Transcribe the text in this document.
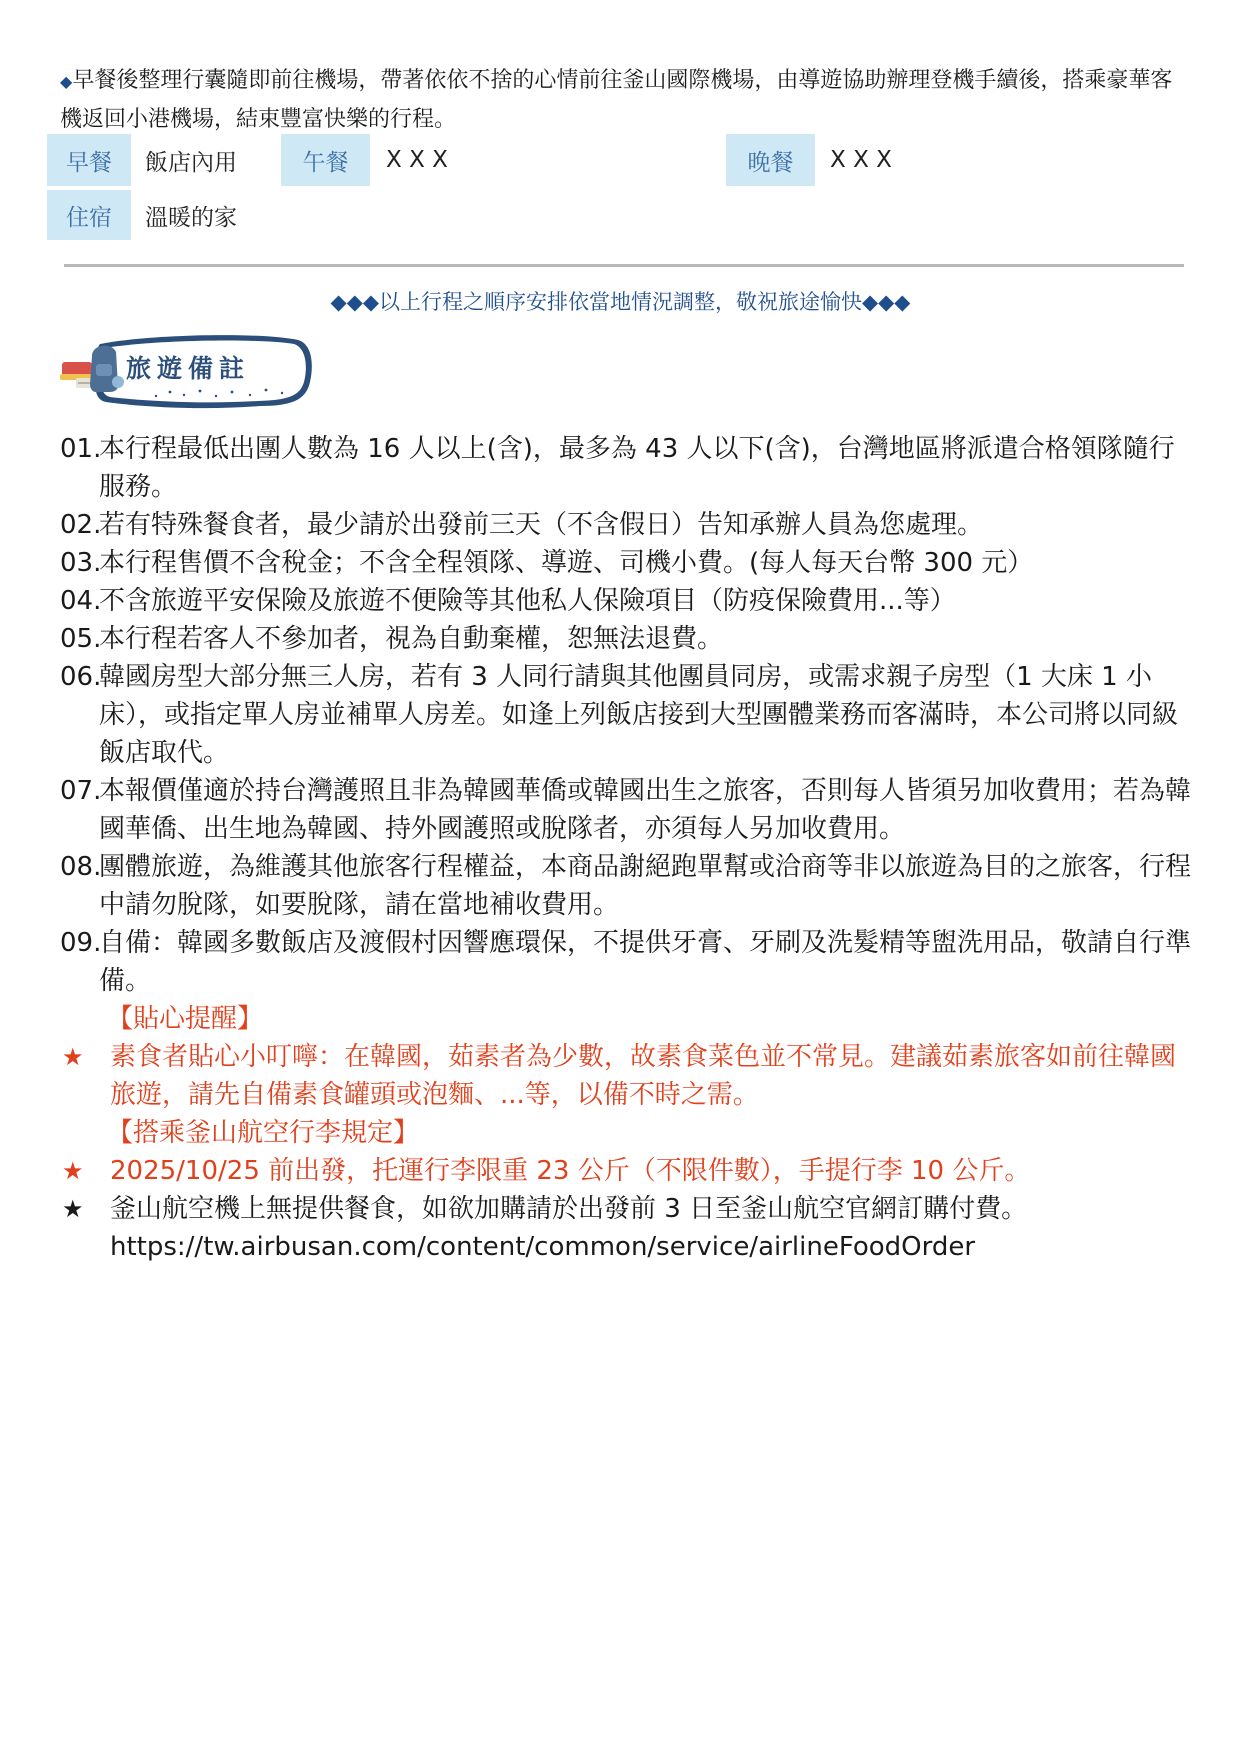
◆早餐後整理行囊隨即前往機場，帶著依依不捨的心情前往釜山國際機場，由導遊協助辦理登機手續後，搭乘豪華客機返回小港機場，結束豐富快樂的行程。
早餐	飯店內用	午餐	X X X	晚餐	X X X
住宿	溫暖的家
◆◆◆以上行程之順序安排依當地情況調整，敬祝旅途愉快◆◆◆
旅遊備註
01.
本行程最低出團人數為 16 人以上(含)，最多為 43 人以下(含)，台灣地區將派遣合格領隊隨行服務。
02.
若有特殊餐食者，最少請於出發前三天（不含假日）告知承辦人員為您處理。
03.
本行程售價不含稅金；不含全程領隊、導遊、司機小費。(每人每天台幣 300 元）
04.
不含旅遊平安保險及旅遊不便險等其他私人保險項目（防疫保險費用...等）
05.
本行程若客人不參加者，視為自動棄權，恕無法退費。
06.
韓國房型大部分無三人房，若有 3 人同行請與其他團員同房，或需求親子房型（1 大床 1 小床），或指定單人房並補單人房差。如逢上列飯店接到大型團體業務而客滿時，本公司將以同級飯店取代。
07.
本報價僅適於持台灣護照且非為韓國華僑或韓國出生之旅客，否則每人皆須另加收費用；若為韓國華僑、出生地為韓國、持外國護照或脫隊者，亦須每人另加收費用。
08.
團體旅遊，為維護其他旅客行程權益，本商品謝絕跑單幫或洽商等非以旅遊為目的之旅客，行程中請勿脫隊，如要脫隊，請在當地補收費用。
09.
自備：韓國多數飯店及渡假村因響應環保，不提供牙膏、牙刷及洗髮精等盥洗用品，敬請自行準備。
【貼心提醒】
★ 素食者貼心小叮嚀：在韓國，茹素者為少數，故素食菜色並不常見。建議茹素旅客如前往韓國旅遊，請先自備素食罐頭或泡麵、...等，以備不時之需。
【搭乘釜山航空行李規定】
★ 2025/10/25 前出發，托運行李限重 23 公斤（不限件數），手提行李 10 公斤。
★ 釜山航空機上無提供餐食，如欲加購請於出發前 3 日至釜山航空官網訂購付費。
https://tw.airbusan.com/content/common/service/airlineFoodOrder
